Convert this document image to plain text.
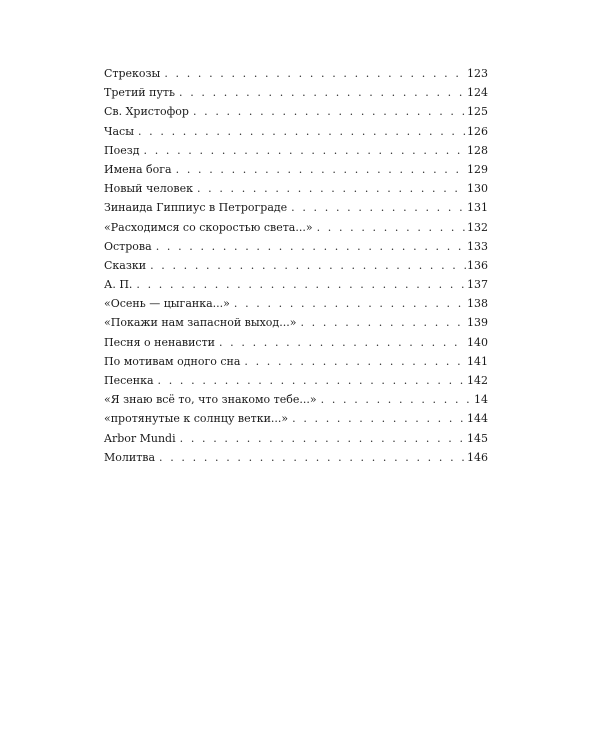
Стрекозы . . .	123
Третий путь . . .	124
Св. Христофор . . .	125
Часы . . .	126
Поезд . . .	128
Имена бога . . .	129
Новый человек . . .	130
Зинаида Гиппиус в Петрограде . . .	131
«Расходимся со скоростью света...» . . .	132
Острова . . .	133
Сказки . . .	136
А. П. . . .	137
«Осень — цыганка...» . . .	138
«Покажи нам запасной выход...» . . .	139
Песня о ненависти . . .	140
По мотивам одного сна . . .	141
Песенка . . .	142
«Я знаю всё то, что знакомо тебе...» . . .	14
«протянутые к солнцу ветки...» . . .	144
Arbor Mundi . . .	145
Молитва . . .	146
